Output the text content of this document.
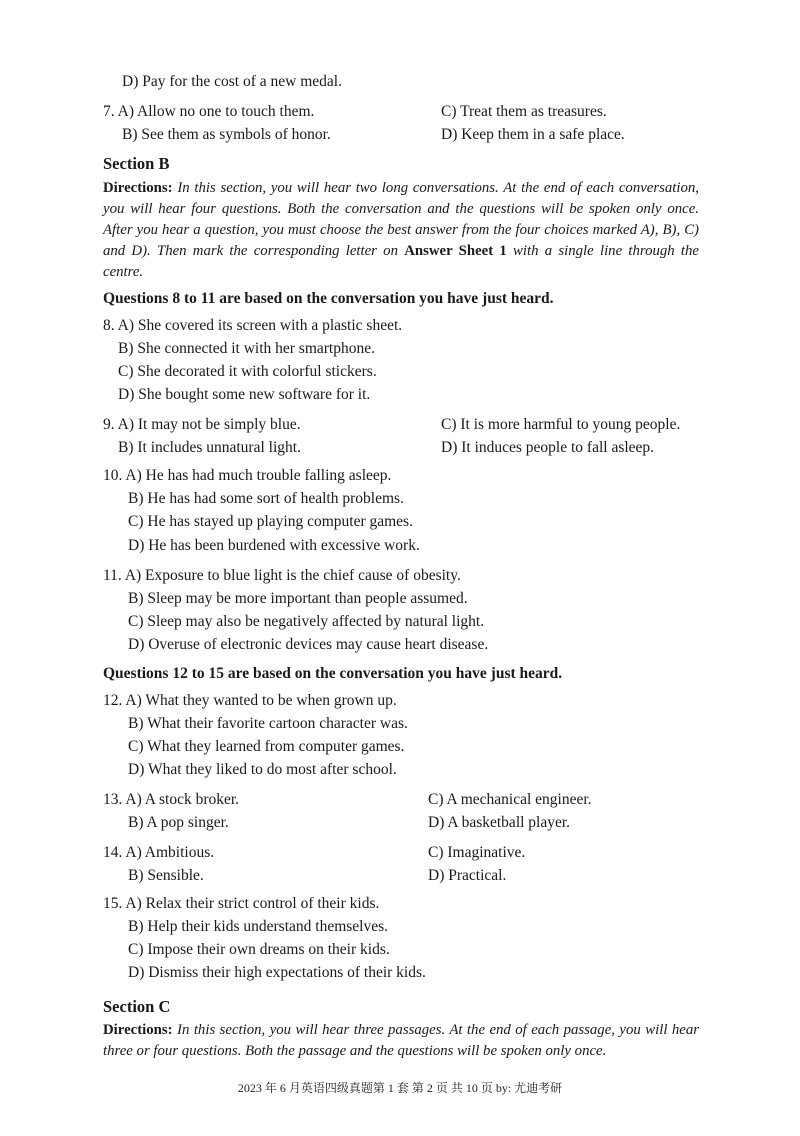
D) Pay for the cost of a new medal.
7. A) Allow no one to touch them.	C) Treat them as treasures.
B) See them as symbols of honor.	D) Keep them in a safe place.
Section B
Directions: In this section, you will hear two long conversations. At the end of each conversation, you will hear four questions. Both the conversation and the questions will be spoken only once. After you hear a question, you must choose the best answer from the four choices marked A), B), C) and D). Then mark the corresponding letter on Answer Sheet 1 with a single line through the centre.
Questions 8 to 11 are based on the conversation you have just heard.
8. A) She covered its screen with a plastic sheet.
B) She connected it with her smartphone.
C) She decorated it with colorful stickers.
D) She bought some new software for it.
9. A) It may not be simply blue.	C) It is more harmful to young people.
B) It includes unnatural light.	D) It induces people to fall asleep.
10. A) He has had much trouble falling asleep.
B) He has had some sort of health problems.
C) He has stayed up playing computer games.
D) He has been burdened with excessive work.
11. A) Exposure to blue light is the chief cause of obesity.
B) Sleep may be more important than people assumed.
C) Sleep may also be negatively affected by natural light.
D) Overuse of electronic devices may cause heart disease.
Questions 12 to 15 are based on the conversation you have just heard.
12. A) What they wanted to be when grown up.
B) What their favorite cartoon character was.
C) What they learned from computer games.
D) What they liked to do most after school.
13. A) A stock broker.	C) A mechanical engineer.
B) A pop singer.	D) A basketball player.
14. A) Ambitious.	C) Imaginative.
B) Sensible.	D) Practical.
15. A) Relax their strict control of their kids.
B) Help their kids understand themselves.
C) Impose their own dreams on their kids.
D) Dismiss their high expectations of their kids.
Section C
Directions: In this section, you will hear three passages. At the end of each passage, you will hear three or four questions. Both the passage and the questions will be spoken only once.
2023 年 6 月英语四级真题第 1 套 第 2 页 共 10 页 by: 尤迪考研
